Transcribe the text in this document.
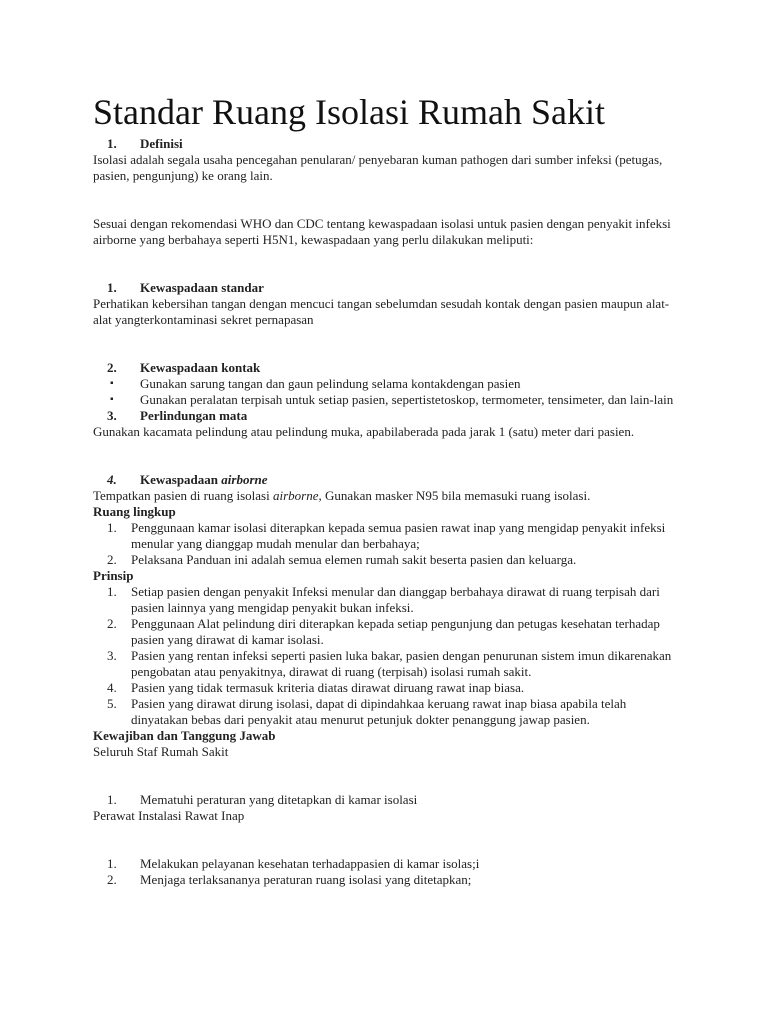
Standar Ruang Isolasi Rumah Sakit
1. Definisi

Isolasi adalah segala usaha pencegahan penularan/ penyebaran kuman pathogen dari sumber infeksi (petugas, pasien, pengunjung) ke orang lain.

Sesuai dengan rekomendasi WHO dan CDC tentang kewaspadaan isolasi untuk pasien dengan penyakit infeksi airborne yang berbahaya seperti H5N1, kewaspadaan yang perlu dilakukan meliputi:

1. Kewaspadaan standar

Perhatikan kebersihan tangan dengan mencuci tangan sebelumdan sesudah kontak dengan pasien maupun alat-alat yangterkontaminasi sekret pernapasan

2. Kewaspadaan kontak
▪ Gunakan sarung tangan dan gaun pelindung selama kontakdengan pasien
▪ Gunakan peralatan terpisah untuk setiap pasien, sepertistetoskop, termometer, tensimeter, dan lain-lain
3. Perlindungan mata

Gunakan kacamata pelindung atau pelindung muka, apabilaberada pada jarak 1 (satu) meter dari pasien.

4. Kewaspadaan airborne

Tempatkan pasien di ruang isolasi airborne, Gunakan masker N95 bila memasuki ruang isolasi.

Ruang lingkup
1. Penggunaan kamar isolasi diterapkan kepada semua pasien rawat inap yang mengidap penyakit infeksi menular yang dianggap mudah menular dan berbahaya;
2. Pelaksana Panduan ini adalah semua elemen rumah sakit beserta pasien dan keluarga.
Prinsip
1. Setiap pasien dengan penyakit Infeksi menular dan dianggap berbahaya dirawat di ruang terpisah dari pasien lainnya yang mengidap penyakit bukan infeksi.
2. Penggunaan Alat pelindung diri diterapkan kepada setiap pengunjung dan petugas kesehatan terhadap pasien yang dirawat di kamar isolasi.
3. Pasien yang rentan infeksi seperti pasien luka bakar, pasien dengan penurunan sistem imun dikarenakan pengobatan atau penyakitnya, dirawat di ruang (terpisah) isolasi rumah sakit.
4. Pasien yang tidak termasuk kriteria diatas dirawat diruang rawat inap biasa.
5. Pasien yang dirawat dirung isolasi, dapat di dipindahkaa keruang rawat inap biasa apabila telah dinyatakan bebas dari penyakit atau menurut petunjuk dokter penanggung jawap pasien.
Kewajiban dan Tanggung Jawab

Seluruh Staf Rumah Sakit

1. Mematuhi peraturan yang ditetapkan di kamar isolasi

Perawat Instalasi Rawat Inap

1. Melakukan pelayanan kesehatan terhadappasien di kamar isolas;i
2. Menjaga terlaksananya peraturan ruang isolasi yang ditetapkan;
